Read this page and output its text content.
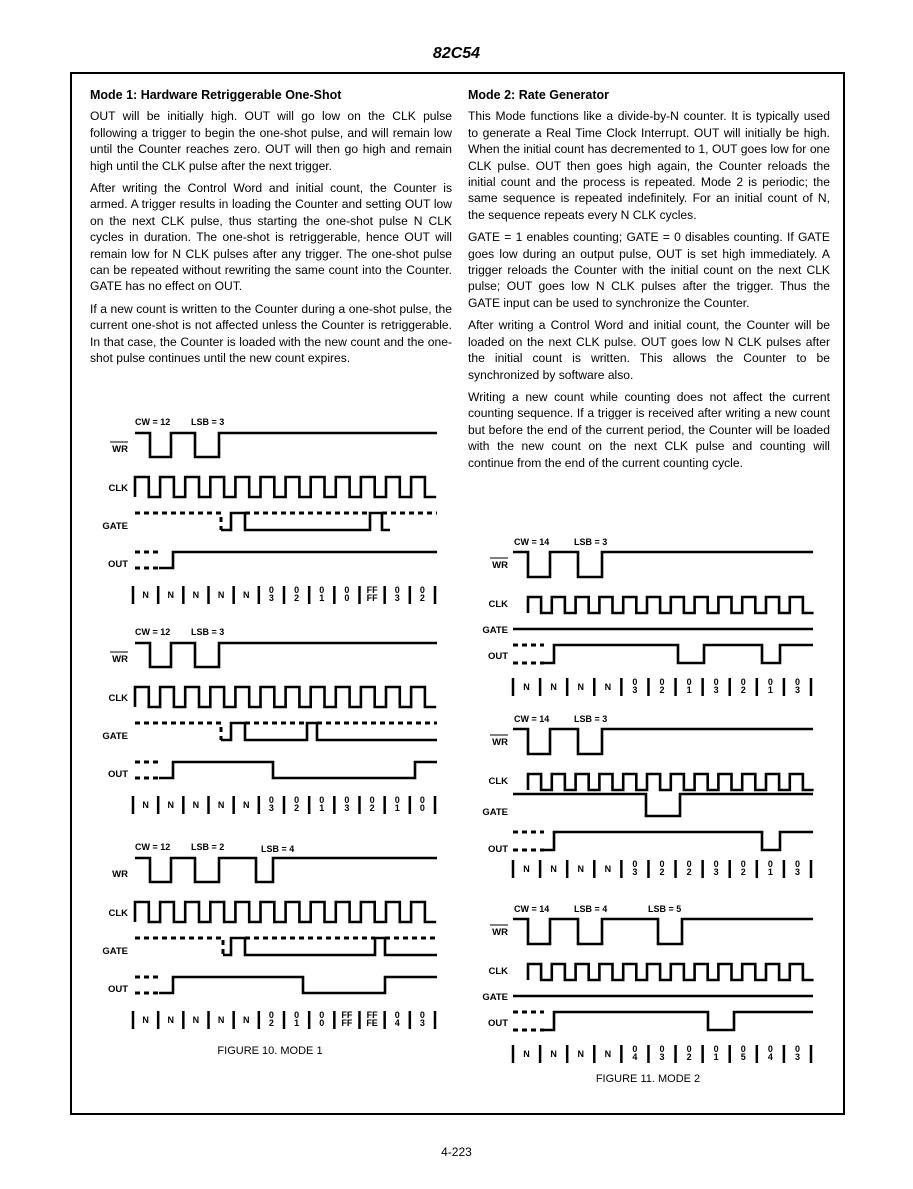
82C54
Mode 1: Hardware Retriggerable One-Shot

OUT will be initially high. OUT will go low on the CLK pulse following a trigger to begin the one-shot pulse, and will remain low until the Counter reaches zero. OUT will then go high and remain high until the CLK pulse after the next trigger.

After writing the Control Word and initial count, the Counter is armed. A trigger results in loading the Counter and setting OUT low on the next CLK pulse, thus starting the one-shot pulse N CLK cycles in duration. The one-shot is retriggerable, hence OUT will remain low for N CLK pulses after any trigger. The one-shot pulse can be repeated without rewriting the same count into the Counter. GATE has no effect on OUT.

If a new count is written to the Counter during a one-shot pulse, the current one-shot is not affected unless the Counter is retriggerable. In that case, the Counter is loaded with the new count and the one-shot pulse continues until the new count expires.

Mode 2: Rate Generator

This Mode functions like a divide-by-N counter. It is typically used to generate a Real Time Clock Interrupt. OUT will initially be high. When the initial count has decremented to 1, OUT goes low for one CLK pulse. OUT then goes high again, the Counter reloads the initial count and the process is repeated. Mode 2 is periodic; the same sequence is repeated indefinitely. For an initial count of N, the sequence repeats every N CLK cycles.

GATE = 1 enables counting; GATE = 0 disables counting. If GATE goes low during an output pulse, OUT is set high immediately. A trigger reloads the Counter with the initial count on the next CLK pulse; OUT goes low N CLK pulses after the trigger. Thus the GATE input can be used to synchronize the Counter.

After writing a Control Word and initial count, the Counter will be loaded on the next CLK pulse. OUT goes low N CLK pulses after the initial count is written. This allows the Counter to be synchronized by software also.

Writing a new count while counting does not affect the current counting sequence. If a trigger is received after writing a new count but before the end of the current period, the Counter will be loaded with the new count on the next CLK pulse and counting will continue from the end of the current counting cycle.

CW = 12 LSB = 3
WR
CLK
GATE
OUT
N N N N N 0 3
0 2
0 1
0 0
FF FF
0 3
0 2
CW = 12 LSB = 3
WR
CLK
GATE
OUT
N N N N N 0 3
0 2
0 1
0 3
0 2
0 1
0 0
CW = 12 LSB = 2	LSB = 4
WR
CLK
GATE
OUT
N N N N N 0 2
0 1
0 0
FF FF
FF FE
0 4
0 3
FIGURE 10. MODE 1
CW = 14	LSB = 3
WR
CLK
GATE
OUT
N N N N 0 3
0 2
0 1
0 3
0 2
0 1
0 3
CW = 14	LSB = 3
WR
CLK
GATE
OUT
N N N N 0 3
0 2
0 2
0 3
0 2
0 1
0 3
CW = 14	LSB = 4	LSB = 5
WR
CLK
GATE
OUT
N N N N 0 4
0 3
0 2
0 1
0 5
0 4
0 3
FIGURE 11. MODE 2
4-223
